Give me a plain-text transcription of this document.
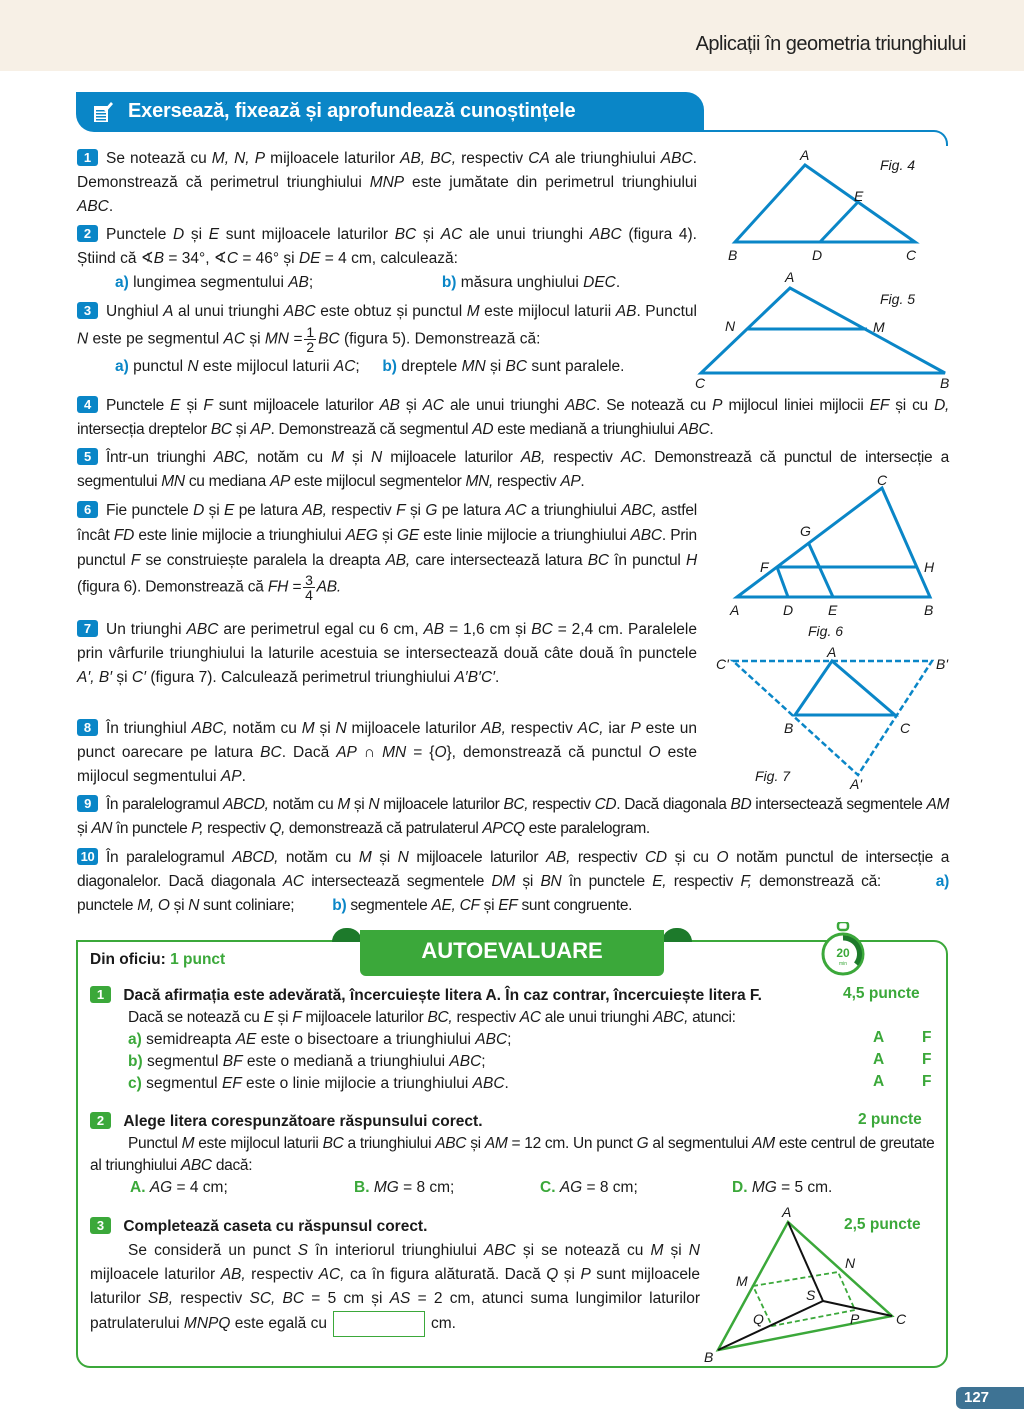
Aplicații în geometria triunghiului
Exersează, fixează și aprofundează cunoștințele
1 Se notează cu M, N, P mijloacele laturilor AB, BC, respectiv CA ale triunghiului ABC. Demonstrează că perimetrul triunghiului MNP este jumătate din perimetrul triunghiului ABC.
2 Punctele D și E sunt mijloacele laturilor BC și AC ale unui triunghi ABC (figura 4). Știind că ∢B = 34°, ∢C = 46° și DE = 4 cm, calculează:
a) lungimea segmentului AB;	b) măsura unghiului DEC.
3 Unghiul A al unui triunghi ABC este obtuz și punctul M este mijlocul laturii AB. Punctul N este pe segmentul AC și MN = $\frac{1}{2}$ BC (figura 5). Demonstrează că:
a) punctul N este mijlocul laturii AC; b) dreptele MN și BC sunt paralele.
4 Punctele E și F sunt mijloacele laturilor AB și AC ale unui triunghi ABC. Se notează cu P mijlocul liniei mijlocii EF și cu D, intersecția dreptelor BC și AP. Demonstrează că segmentul AD este mediană a triunghiului ABC.
5 Într-un triunghi ABC, notăm cu M și N mijloacele laturilor AB, respectiv AC. Demonstrează că punctul de intersecție a segmentului MN cu mediana AP este mijlocul segmentelor MN, respectiv AP.
6 Fie punctele D și E pe latura AB, respectiv F și G pe latura AC a triunghiului ABC, astfel încât FD este linie mijlocie a triunghiului AEG și GE este linie mijlocie a triunghiului ABC. Prin punctul F se construiește paralela la dreapta AB, care intersectează latura BC în punctul H (figura 6). Demonstrează că FH = $\frac{3}{4}$ AB.
7 Un triunghi ABC are perimetrul egal cu 6 cm, AB = 1,6 cm și BC = 2,4 cm. Paralelele prin vârfurile triunghiului la laturile acestuia se intersectează două câte două în punctele A′, B′ și C′ (figura 7). Calculează perimetrul triunghiului A′B′C′.
8 În triunghiul ABC, notăm cu M și N mijloacele laturilor AB, respectiv AC, iar P este un punct oarecare pe latura BC. Dacă AP ∩ MN = {O}, demonstrează că punctul O este mijlocul segmentului AP.
9 În paralelogramul ABCD, notăm cu M și N mijloacele laturilor BC, respectiv CD. Dacă diagonala BD intersectează segmentele AM și AN în punctele P, respectiv Q, demonstrează că patrulaterul APCQ este paralelogram.
10 În paralelogramul ABCD, notăm cu M și N mijloacele laturilor AB, respectiv CD și cu O notăm punctul de intersecție a diagonalelor. Dacă diagonala AC intersectează segmentele DM și BN în punctele E, respectiv F, demonstrează că:	a) punctele M, O și N sunt coliniare; b) segmentele AE, CF și EF sunt congruente.
A
B	C
D
E
Fig. 4
A
B
C
M
N
Fig. 5
C
G
F	H
A	D E	B
Fig. 6
A
C'	B'
B	C
A'
Fig. 7
AUTOEVALUARE	20
min
Din oficiu: 1 punct
1 Dacă afirmația este adevărată, încercuiește litera A. În caz contrar, încercuiește litera F.
Dacă se notează cu E și F mijloacele laturilor BC, respectiv AC ale unui triunghi ABC, atunci:
a) semidreapta AE este o bisectoare a triunghiului ABC;
b) segmentul BF este o mediană a triunghiului ABC;
c) segmentul EF este o linie mijlocie a triunghiului ABC.
4,5 puncte
A F
A F
A F
2 Alege litera corespunzătoare răspunsului corect.
Punctul M este mijlocul laturii BC a triunghiului ABC și AM = 12 cm. Un punct G al segmentului AM este centrul de greutate al triunghiului ABC dacă:
A. AG = 4 cm;	B. MG = 8 cm;	C. AG = 8 cm;	D. MG = 5 cm.
2 puncte
3 Completează caseta cu răspunsul corect.
Se consideră un punct S în interiorul triunghiului ABC și se notează cu M și N mijloacele laturilor AB, respectiv AC, ca în figura alăturată. Dacă Q și P sunt mijloacele laturilor SB, respectiv SC, BC = 5 cm și AS = 2 cm, atunci suma lungimilor laturilor patrulaterului MNPQ este egală cu	cm.
2,5 puncte
A
B
C
M
N
P
Q
S
127
